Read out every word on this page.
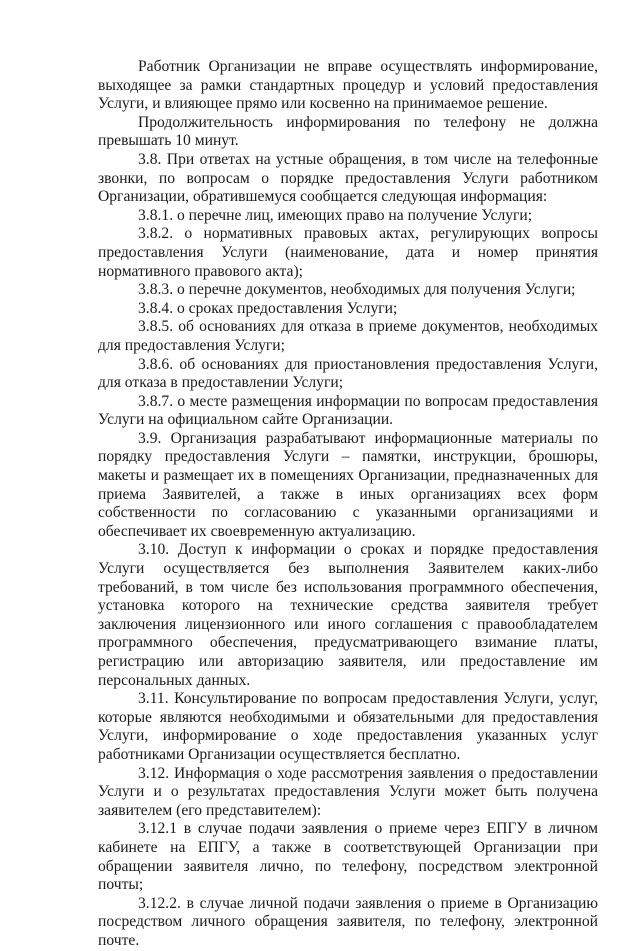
Работник Организации не вправе осуществлять информирование, выходящее за рамки стандартных процедур и условий предоставления Услуги, и влияющее прямо или косвенно на принимаемое решение.

Продолжительность информирования по телефону не должна превышать 10 минут.

3.8. При ответах на устные обращения, в том числе на телефонные звонки, по вопросам о порядке предоставления Услуги работником Организации, обратившемуся сообщается следующая информация:

3.8.1. о перечне лиц, имеющих право на получение Услуги;

3.8.2. о нормативных правовых актах, регулирующих вопросы предоставления Услуги (наименование, дата и номер принятия нормативного правового акта);

3.8.3. о перечне документов, необходимых для получения Услуги;

3.8.4. о сроках предоставления Услуги;

3.8.5. об основаниях для отказа в приеме документов, необходимых для предоставления Услуги;

3.8.6. об основаниях для приостановления предоставления Услуги, для отказа в предоставлении Услуги;

3.8.7. о месте размещения информации по вопросам предоставления Услуги на официальном сайте Организации.

3.9. Организация разрабатывают информационные материалы по порядку предоставления Услуги – памятки, инструкции, брошюры, макеты и размещает их в помещениях Организации, предназначенных для приема Заявителей, а также в иных организациях всех форм собственности по согласованию с указанными организациями и обеспечивает их своевременную актуализацию.

3.10. Доступ к информации о сроках и порядке предоставления Услуги осуществляется без выполнения Заявителем каких-либо требований, в том числе без использования программного обеспечения, установка которого на технические средства заявителя требует заключения лицензионного или иного соглашения с правообладателем программного обеспечения, предусматривающего взимание платы, регистрацию или авторизацию заявителя, или предоставление им персональных данных.

3.11. Консультирование по вопросам предоставления Услуги, услуг, которые являются необходимыми и обязательными для предоставления Услуги, информирование о ходе предоставления указанных услуг работниками Организации осуществляется бесплатно.

3.12. Информация о ходе рассмотрения заявления о предоставлении Услуги и о результатах предоставления Услуги может быть получена заявителем (его представителем):

3.12.1 в случае подачи заявления о приеме через ЕПГУ в личном кабинете на ЕПГУ, а также в соответствующей Организации при обращении заявителя лично, по телефону, посредством электронной почты;

3.12.2. в случае личной подачи заявления о приеме в Организацию посредством личного обращения заявителя, по телефону, электронной почте.
